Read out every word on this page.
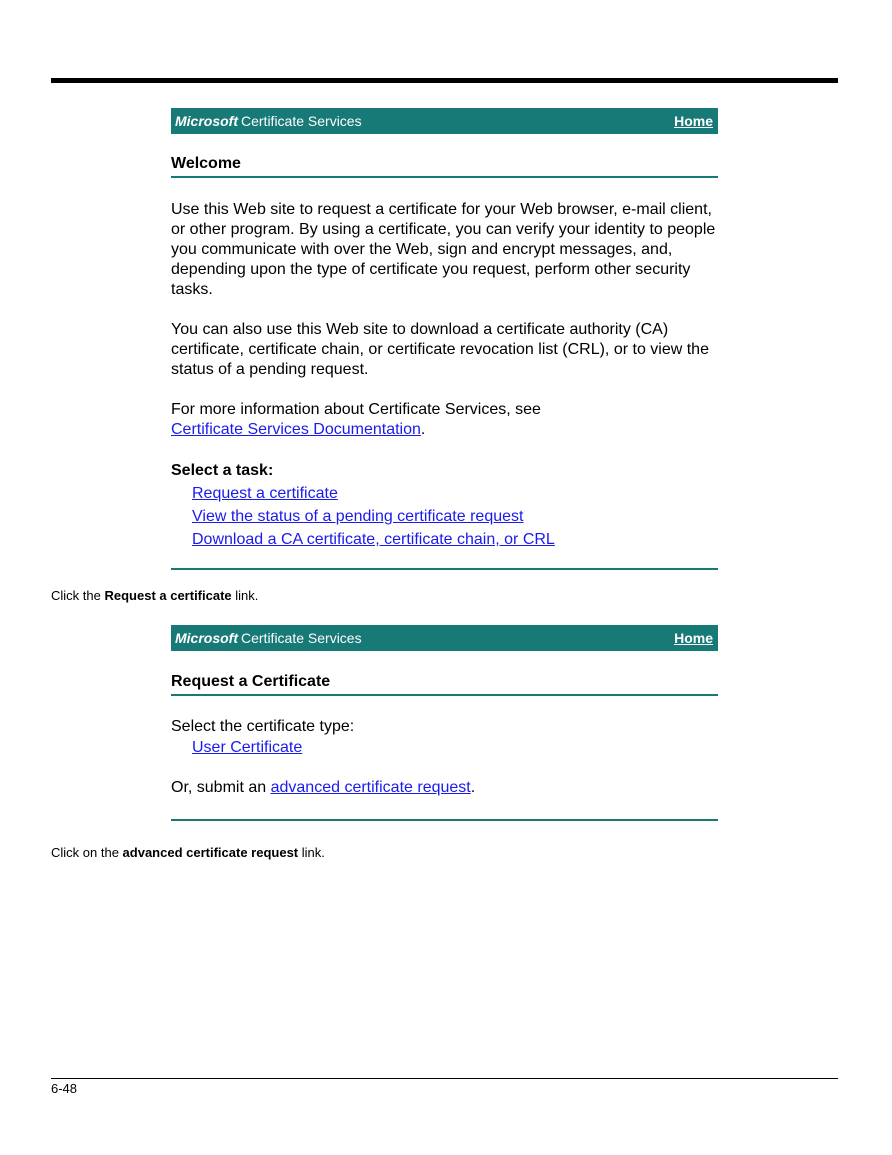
Microsoft Certificate Services	Home
Welcome

Use this Web site to request a certificate for your Web browser, e-mail client, or other program. By using a certificate, you can verify your identity to people you communicate with over the Web, sign and encrypt messages, and, depending upon the type of certificate you request, perform other security tasks.

You can also use this Web site to download a certificate authority (CA) certificate, certificate chain, or certificate revocation list (CRL), or to view the status of a pending request.

For more information about Certificate Services, see
Certificate Services Documentation.

Select a task:
Request a certificate
View the status of a pending certificate request
Download a CA certificate, certificate chain, or CRL
Click the Request a certificate link.
Microsoft Certificate Services	Home
Request a Certificate

Select the certificate type:

User Certificate

Or, submit an advanced certificate request.

Click on the advanced certificate request link.
6-48
